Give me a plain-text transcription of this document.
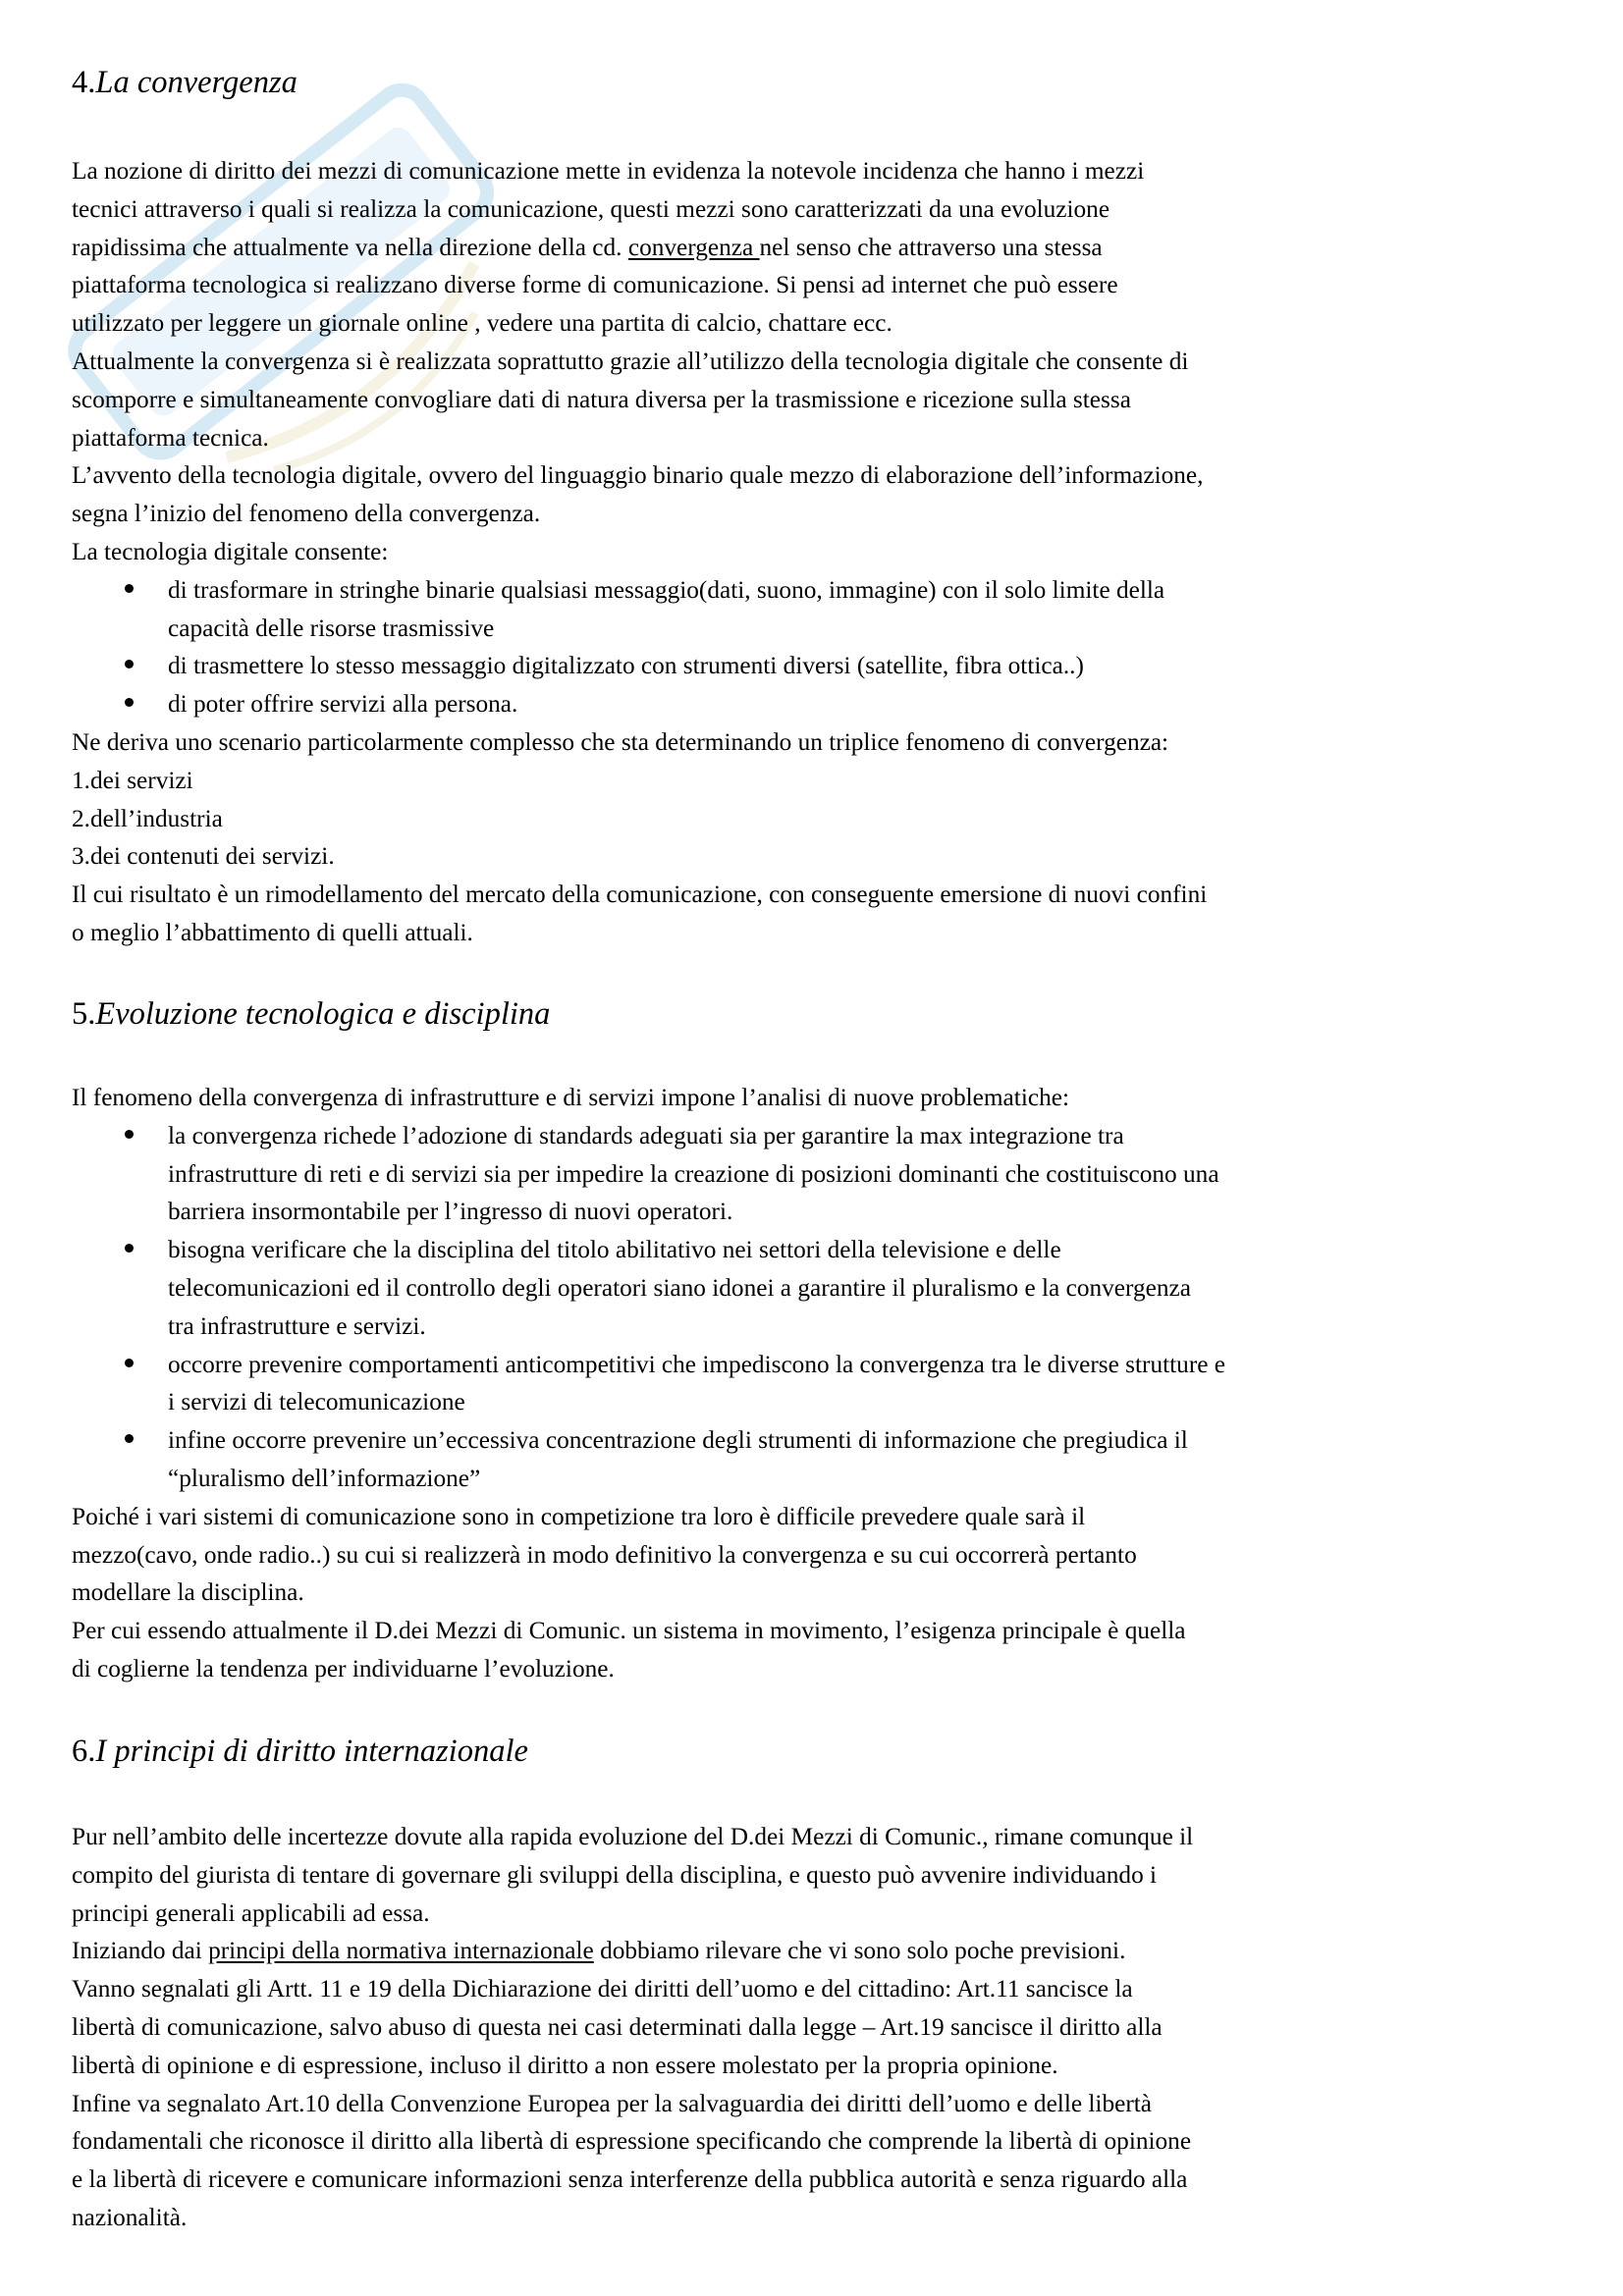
4.La convergenza
La nozione di diritto dei mezzi di comunicazione mette in evidenza la notevole incidenza che hanno i mezzi
tecnici attraverso i quali si realizza la comunicazione, questi mezzi sono caratterizzati da una evoluzione
rapidissima che attualmente va nella direzione della cd. convergenza nel senso che attraverso una stessa
piattaforma tecnologica si realizzano diverse forme di comunicazione. Si pensi ad internet che può essere
utilizzato per leggere un giornale online , vedere una partita di calcio, chattare ecc.
Attualmente la convergenza si è realizzata soprattutto grazie all’utilizzo della tecnologia digitale che consente di
scomporre e simultaneamente convogliare dati di natura diversa per la trasmissione e ricezione sulla stessa
piattaforma tecnica.
L’avvento della tecnologia digitale, ovvero del linguaggio binario quale mezzo di elaborazione dell’informazione,
segna l’inizio del fenomeno della convergenza.
La tecnologia digitale consente:
di trasformare in stringhe binarie qualsiasi messaggio(dati, suono, immagine) con il solo limite della
capacità delle risorse trasmissive
di trasmettere lo stesso messaggio digitalizzato con strumenti diversi (satellite, fibra ottica..)
di poter offrire servizi alla persona.
Ne deriva uno scenario particolarmente complesso che sta determinando un triplice fenomeno di convergenza:
1.dei servizi
2.dell’industria
3.dei contenuti dei servizi.
Il cui risultato è un rimodellamento del mercato della comunicazione, con conseguente emersione di nuovi confini
o meglio l’abbattimento di quelli attuali.
5.Evoluzione tecnologica e disciplina
Il fenomeno della convergenza di infrastrutture e di servizi impone l’analisi di nuove problematiche:
la convergenza richede l’adozione di standards adeguati sia per garantire la max integrazione tra
infrastrutture di reti e di servizi sia per impedire la creazione di posizioni dominanti che costituiscono una
barriera insormontabile per l’ingresso di nuovi operatori.
bisogna verificare che la disciplina del titolo abilitativo nei settori della televisione e delle
telecomunicazioni ed il controllo degli operatori siano idonei a garantire il pluralismo e la convergenza
tra infrastrutture e servizi.
occorre prevenire comportamenti anticompetitivi che impediscono la convergenza tra le diverse strutture e
i servizi di telecomunicazione
infine occorre prevenire un’eccessiva concentrazione degli strumenti di informazione che pregiudica il
“pluralismo dell’informazione”
Poiché i vari sistemi di comunicazione sono in competizione tra loro è difficile prevedere quale sarà il
mezzo(cavo, onde radio..) su cui si realizzerà in modo definitivo la convergenza e su cui occorrerà pertanto
modellare la disciplina.
Per cui essendo attualmente il D.dei Mezzi di Comunic. un sistema in movimento, l’esigenza principale è quella
di coglierne la tendenza per individuarne l’evoluzione.
6.I principi di diritto internazionale
Pur nell’ambito delle incertezze dovute alla rapida evoluzione del D.dei Mezzi di Comunic., rimane comunque il
compito del giurista di tentare di governare gli sviluppi della disciplina, e questo può avvenire individuando i
principi generali applicabili ad essa.
Iniziando dai principi della normativa internazionale dobbiamo rilevare che vi sono solo poche previsioni.
Vanno segnalati gli Artt. 11 e 19 della Dichiarazione dei diritti dell’uomo e del cittadino: Art.11 sancisce la
libertà di comunicazione, salvo abuso di questa nei casi determinati dalla legge – Art.19 sancisce il diritto alla
libertà di opinione e di espressione, incluso il diritto a non essere molestato per la propria opinione.
Infine va segnalato Art.10 della Convenzione Europea per la salvaguardia dei diritti dell’uomo e delle libertà
fondamentali che riconosce il diritto alla libertà di espressione specificando che comprende la libertà di opinione
e la libertà di ricevere e comunicare informazioni senza interferenze della pubblica autorità e senza riguardo alla
nazionalità.
